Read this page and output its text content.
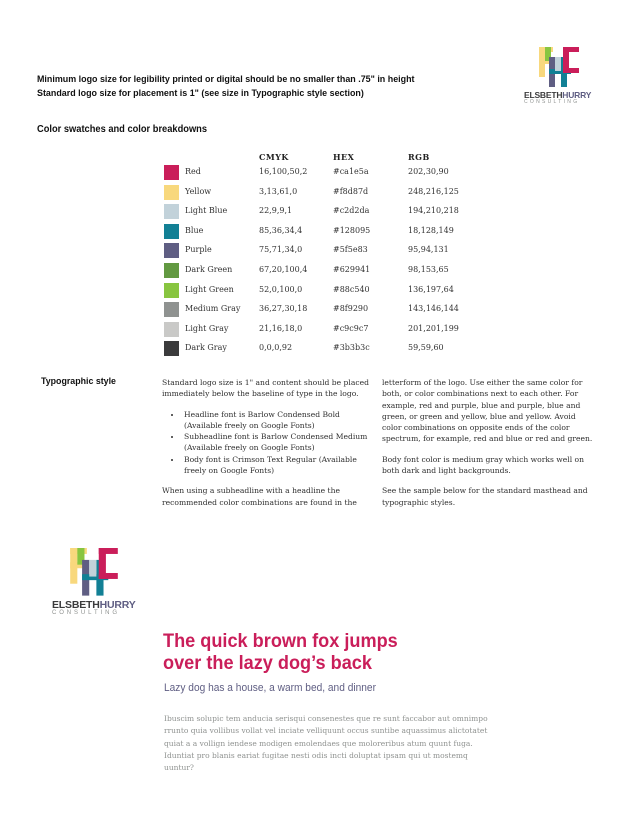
Minimum logo size for legibility printed or digital should be no smaller than .75" in height
Standard logo size for placement is 1" (see size in Typographic style section)	ELSBETHHURRY
CONSULTING
Color swatches and color breakdowns
CMYK	HEX	RGB
Red	16,100,50,2	#ca1e5a	202,30,90
Yellow	3,13,61,0	#f8d87d	248,216,125
Light Blue	22,9,9,1	#c2d2da	194,210,218
Blue	85,36,34,4	#128095	18,128,149
Purple	75,71,34,0	#5f5e83	95,94,131
Dark Green	67,20,100,4	#629941	98,153,65
Light Green	52,0,100,0	#88c540	136,197,64
Medium Gray 36,27,30,18	#8f9290	143,146,144
Light Gray	21,16,18,0	#c9c9c7	201,201,199
Dark Gray	0,0,0,92	#3b3b3c	59,59,60
Typographic style	Standard logo size is 1" and content should be placed immediately below the baseline of type in the logo.

• Headline font is Barlow Condensed Bold (Available freely on Google Fonts)
• Subheadline font is Barlow Condensed Medium (Available freely on Google Fonts)
• Body font is Crimson Text Regular (Available freely on Google Fonts)

When using a subheadline with a headline the recommended color combinations are found in the

letterform of the logo. Use either the same color for both, or color combinations next to each other. For example, red and purple, blue and purple, blue and green, or green and yellow, blue and yellow. Avoid color combinations on opposite ends of the color spectrum, for example, red and blue or red and green.

Body font color is medium gray which works well on both dark and light backgrounds.

See the sample below for the standard masthead and typographic styles.

ELSBETHHURRY
CONSULTING
The quick brown fox jumps
over the lazy dog’s back
Lazy dog has a house, a warm bed, and dinner
Ibuscim solupic tem anducia serisqui consenestes que re sunt faccabor aut omnimpo rrunto quia vollibus vollat vel inciate velliquunt occus suntibe aquassimus alictotatet quiat a a vollign iendese modigen emolendaes que moloreribus atum quunt fuga. Iduntiat pro blanis eariat fugitae nesti odis incti doluptat ipsam qui ut mostemq uuntur?
